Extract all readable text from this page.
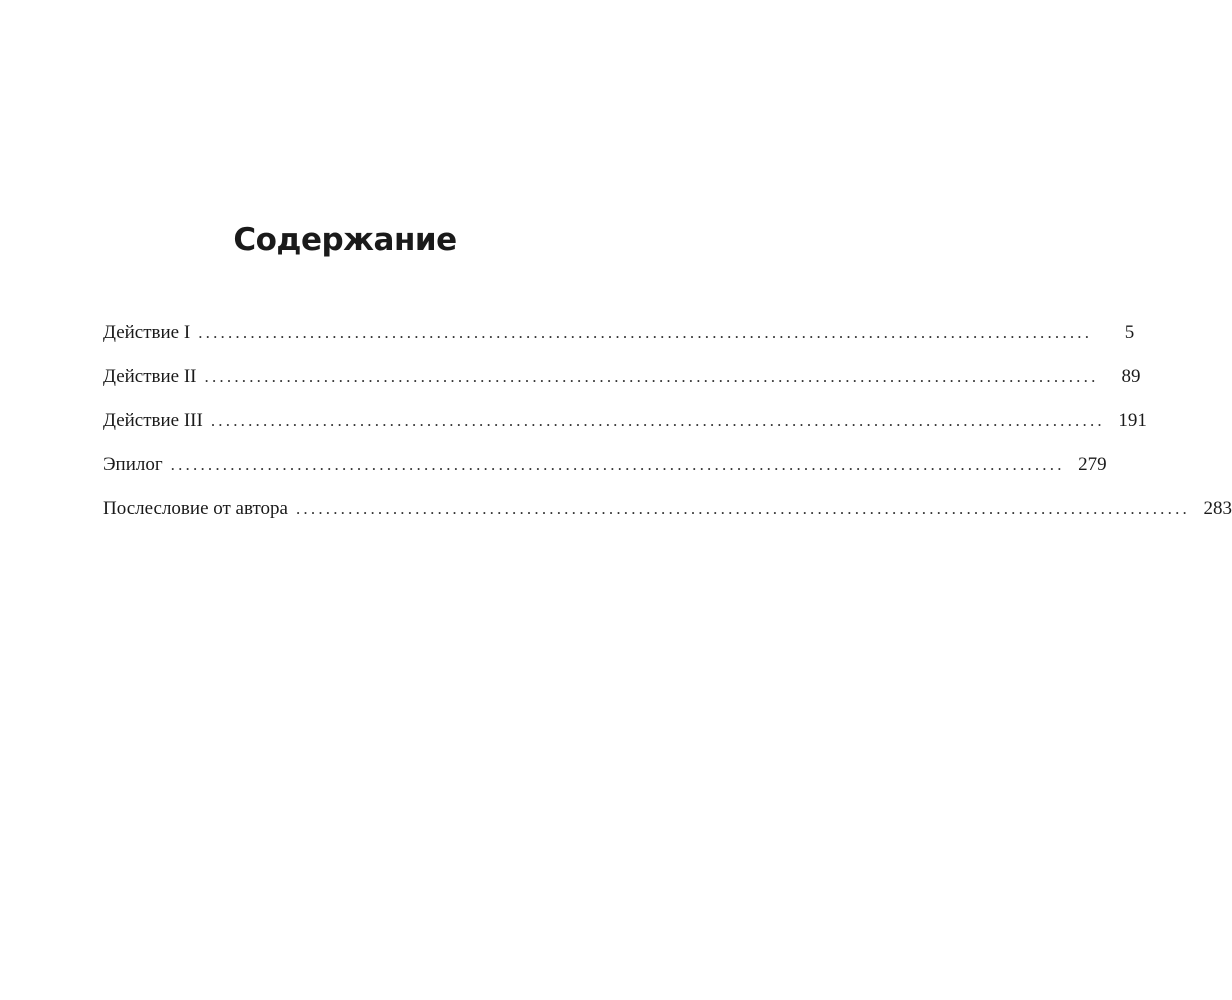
Содержание
Действие I ........................................................................................................................	5
Действие II ........................................................................................................................	89
Действие III ........................................................................................................................ 191
Эпилог ........................................................................................................................ 279
Послесловие от автора ........................................................................................................................ 283
